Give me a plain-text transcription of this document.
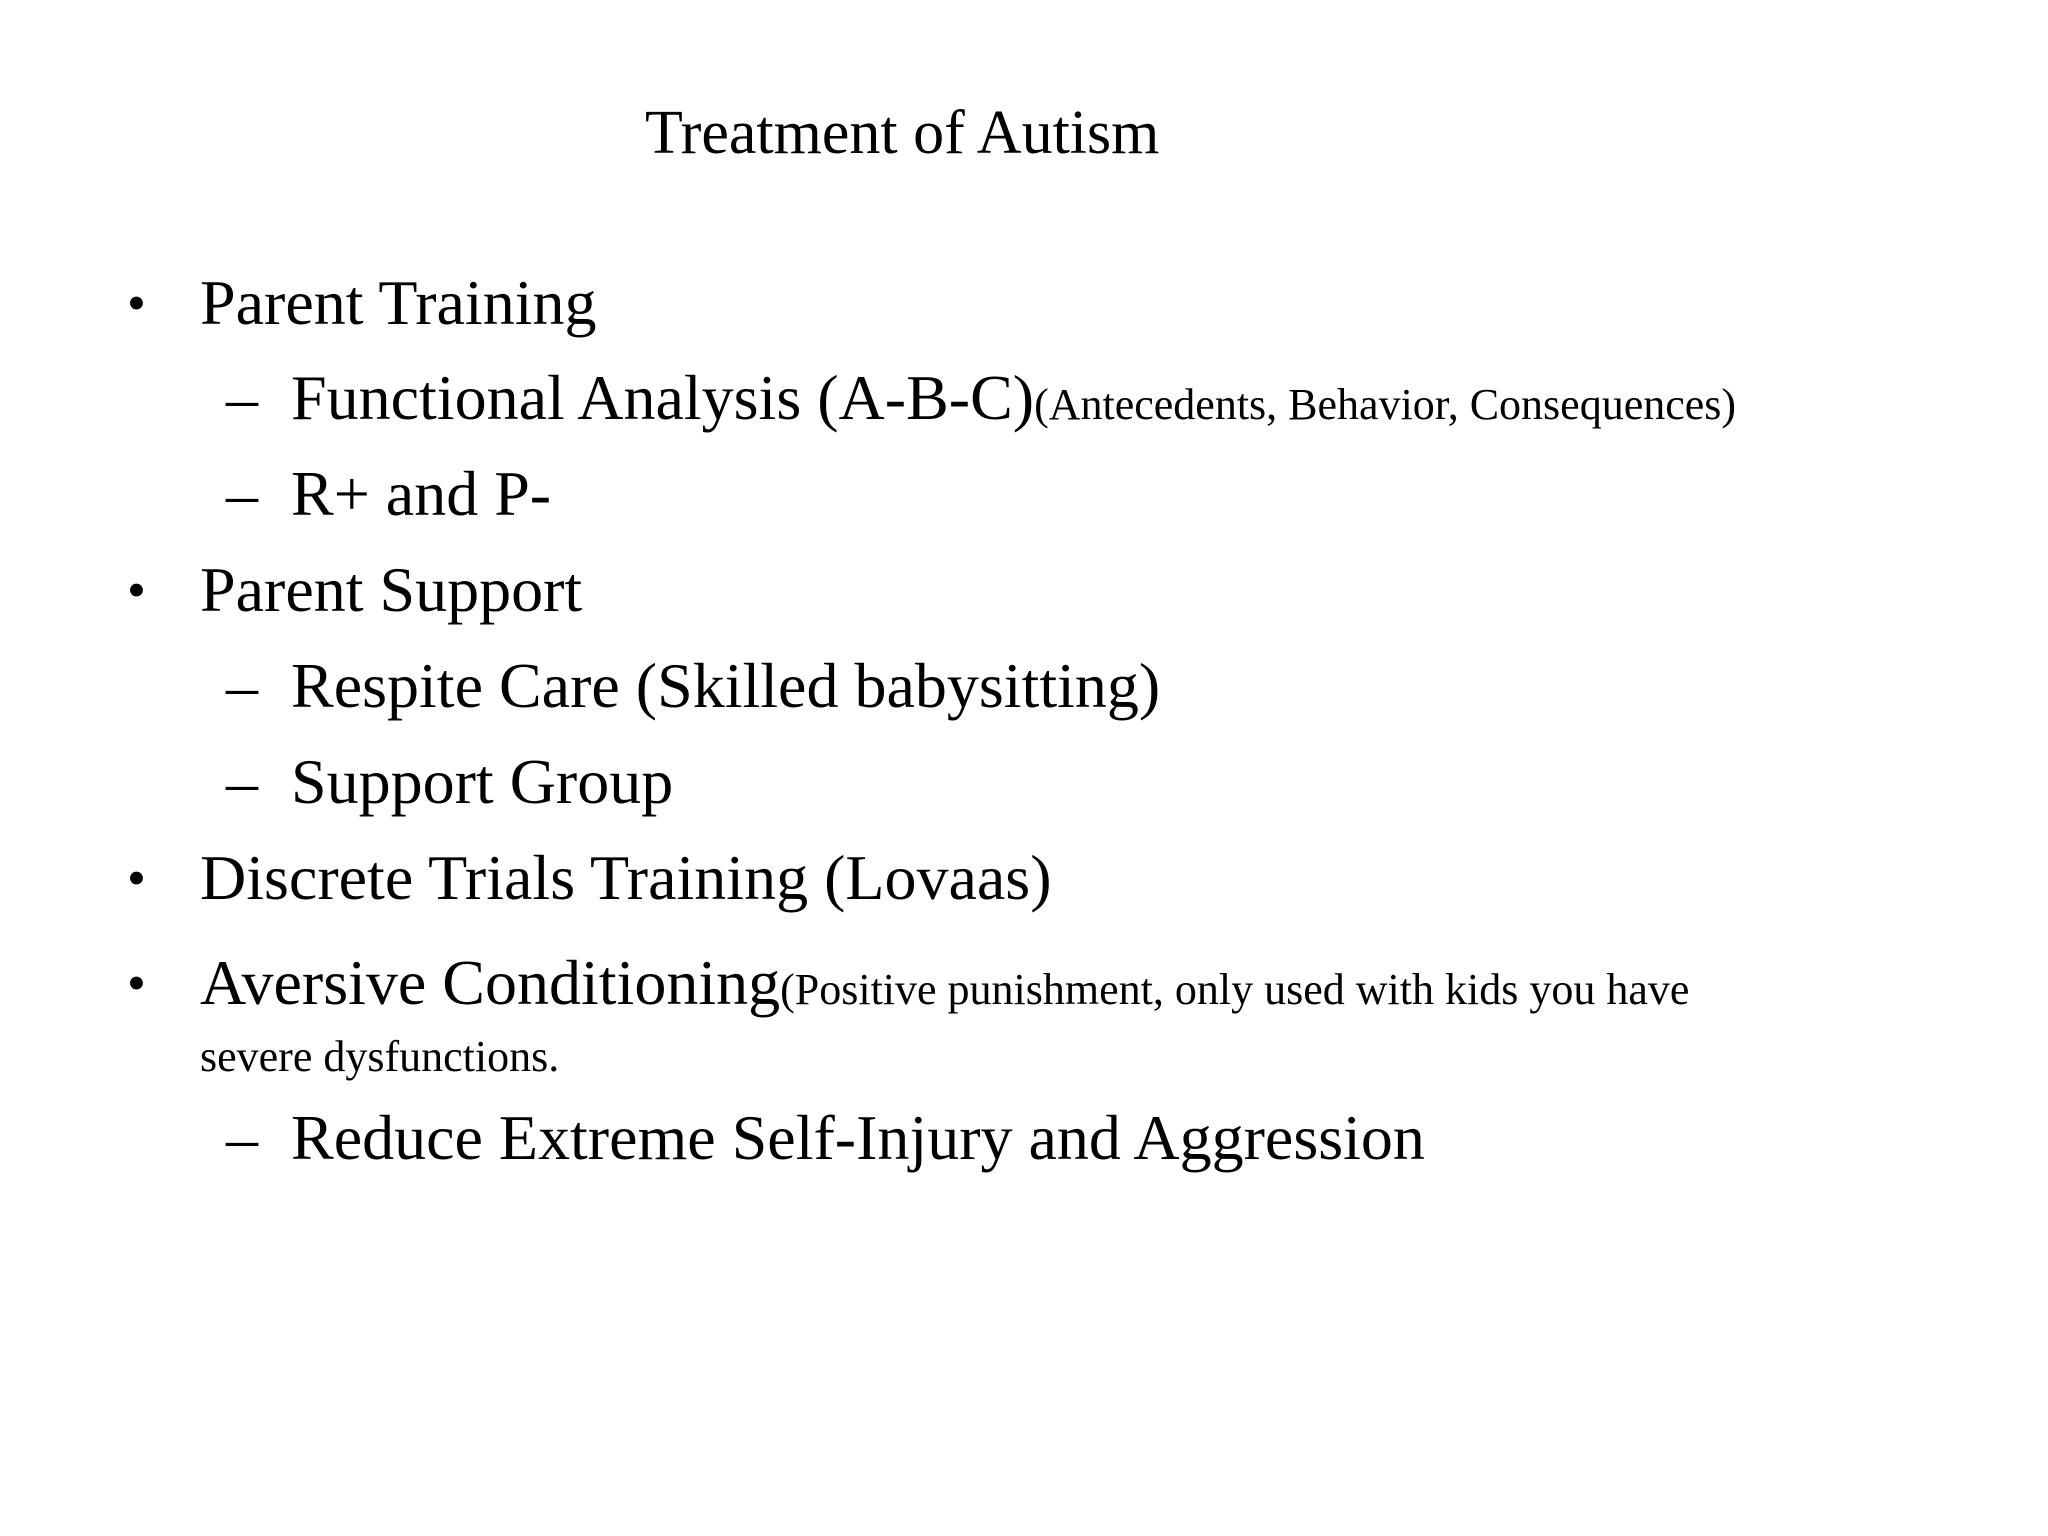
Treatment of Autism
• Parent Training
– Functional Analysis (A-B-C)(Antecedents, Behavior, Consequences)
– R+ and P-
• Parent Support
– Respite Care (Skilled babysitting)
– Support Group
• Discrete Trials Training (Lovaas)
• Aversive Conditioning(Positive punishment, only used with kids you have
severe dysfunctions.
– Reduce Extreme Self-Injury and Aggression
